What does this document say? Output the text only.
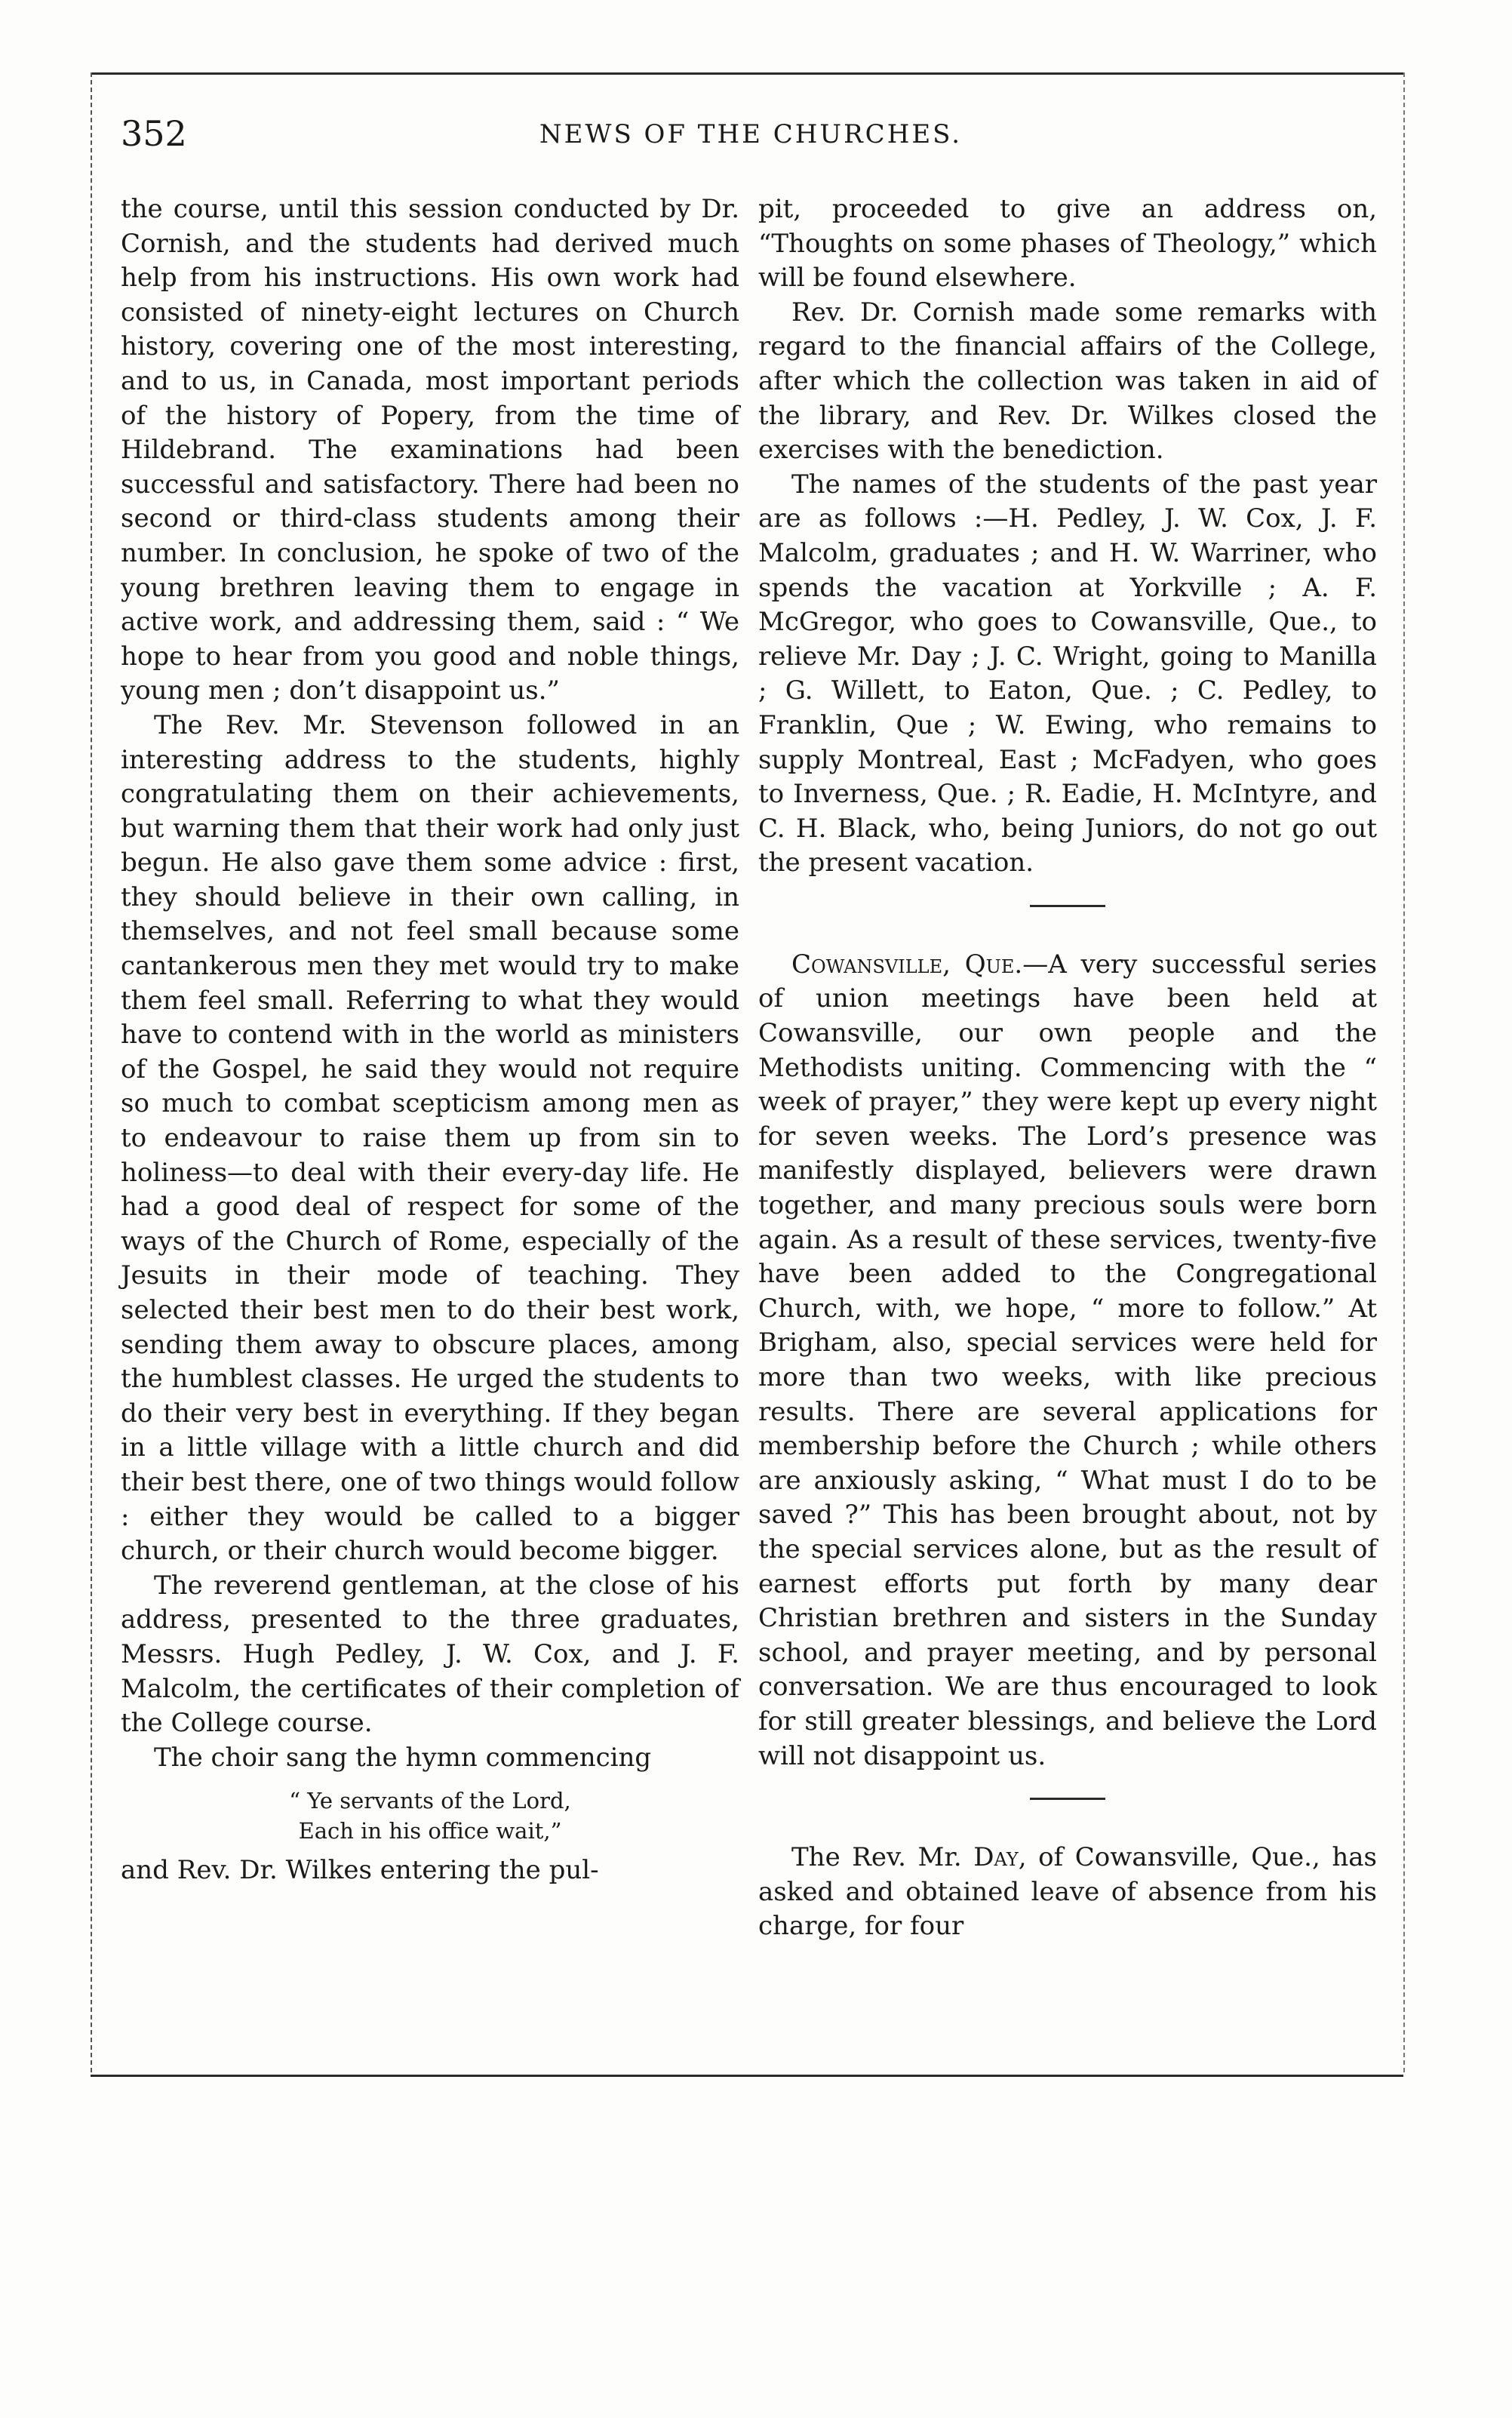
352	NEWS OF THE CHURCHES.

the course, until this session conducted by Dr. Cornish, and the students had derived much help from his instructions. His own work had consisted of ninety-eight lectures on Church history, covering one of the most interesting, and to us, in Canada, most important periods of the history of Popery, from the time of Hildebrand. The examinations had been successful and satisfactory. There had been no second or third-class students among their number. In conclusion, he spoke of two of the young brethren leaving them to engage in active work, and addressing them, said : “ We hope to hear from you good and noble things, young men ; don’t disappoint us.”

The Rev. Mr. Stevenson followed in an interesting address to the students, highly congratulating them on their achievements, but warning them that their work had only just begun. He also gave them some advice : first, they should believe in their own calling, in themselves, and not feel small because some cantankerous men they met would try to make them feel small. Referring to what they would have to contend with in the world as ministers of the Gospel, he said they would not require so much to combat scepticism among men as to endeavour to raise them up from sin to holiness—to deal with their every-day life. He had a good deal of respect for some of the ways of the Church of Rome, especially of the Jesuits in their mode of teaching. They selected their best men to do their best work, sending them away to obscure places, among the humblest classes. He urged the students to do their very best in everything. If they began in a little village with a little church and did their best there, one of two things would follow : either they would be called to a bigger church, or their church would become bigger.

The reverend gentleman, at the close of his address, presented to the three graduates, Messrs. Hugh Pedley, J. W. Cox, and J. F. Malcolm, the certificates of their completion of the College course.

The choir sang the hymn commencing

“ Ye servants of the Lord,
Each in his office wait,”

and Rev. Dr. Wilkes entering the pul-

pit, proceeded to give an address on, “Thoughts on some phases of Theology,” which will be found elsewhere.

Rev. Dr. Cornish made some remarks with regard to the financial affairs of the College, after which the collection was taken in aid of the library, and Rev. Dr. Wilkes closed the exercises with the benediction.

The names of the students of the past year are as follows :—H. Pedley, J. W. Cox, J. F. Malcolm, graduates ; and H. W. Warriner, who spends the vacation at Yorkville ; A. F. McGregor, who goes to Cowansville, Que., to relieve Mr. Day ; J. C. Wright, going to Manilla ; G. Willett, to Eaton, Que. ; C. Pedley, to Franklin, Que ; W. Ewing, who remains to supply Montreal, East ; McFadyen, who goes to Inverness, Que. ; R. Eadie, H. McIntyre, and C. H. Black, who, being Juniors, do not go out the present vacation.

Cowansville, Que.—A very successful series of union meetings have been held at Cowansville, our own people and the Methodists uniting. Commencing with the “ week of prayer,” they were kept up every night for seven weeks. The Lord’s presence was manifestly displayed, believers were drawn together, and many precious souls were born again. As a result of these services, twenty-five have been added to the Congregational Church, with, we hope, “ more to follow.” At Brigham, also, special services were held for more than two weeks, with like precious results. There are several applications for membership before the Church ; while others are anxiously asking, “ What must I do to be saved ?” This has been brought about, not by the special services alone, but as the result of earnest efforts put forth by many dear Christian brethren and sisters in the Sunday school, and prayer meeting, and by personal conversation. We are thus encouraged to look for still greater blessings, and believe the Lord will not disappoint us.

The Rev. Mr. Day, of Cowansville, Que., has asked and obtained leave of absence from his charge, for four
